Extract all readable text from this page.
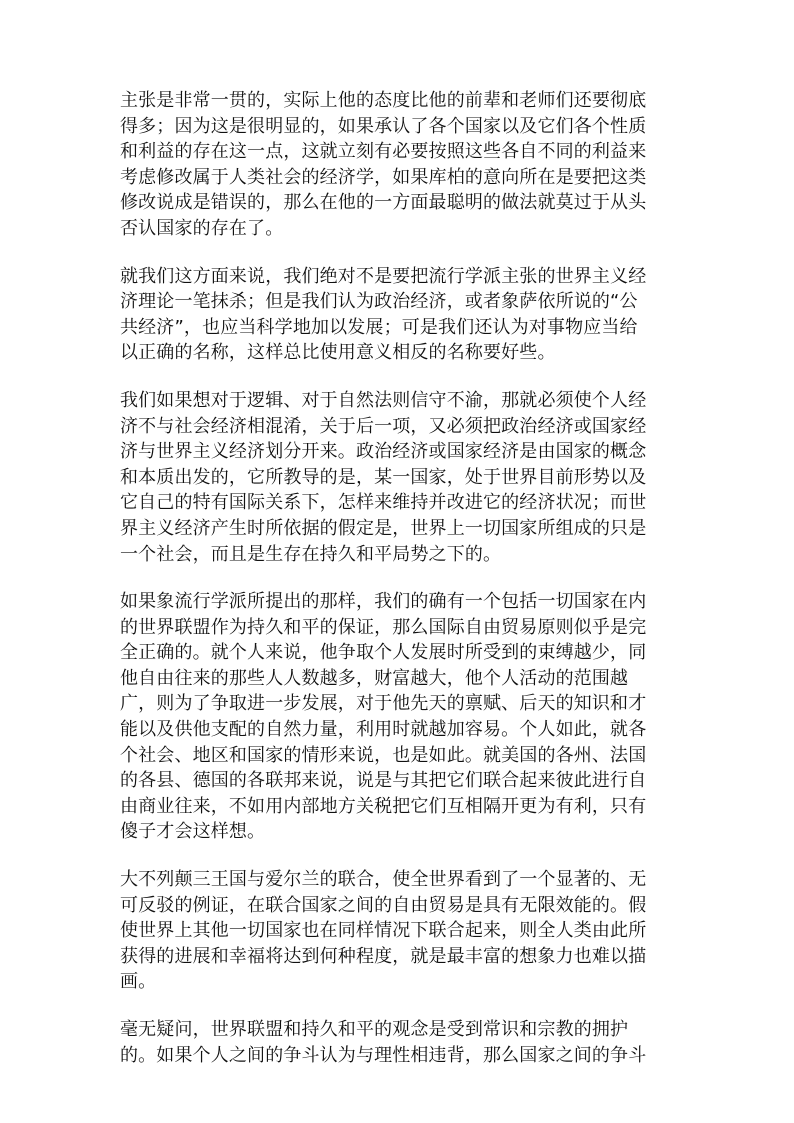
主张是非常一贯的，实际上他的态度比他的前辈和老师们还要彻底
得多；因为这是很明显的，如果承认了各个国家以及它们各个性质
和利益的存在这一点，这就立刻有必要按照这些各自不同的利益来
考虑修改属于人类社会的经济学，如果库柏的意向所在是要把这类
修改说成是错误的，那么在他的一方面最聪明的做法就莫过于从头
否认国家的存在了。

就我们这方面来说，我们绝对不是要把流行学派主张的世界主义经
济理论一笔抹杀；但是我们认为政治经济，或者象萨依所说的“公
共经济”，也应当科学地加以发展；可是我们还认为对事物应当给
以正确的名称，这样总比使用意义相反的名称要好些。

我们如果想对于逻辑、对于自然法则信守不渝，那就必须使个人经
济不与社会经济相混淆，关于后一项，又必须把政治经济或国家经
济与世界主义经济划分开来。政治经济或国家经济是由国家的概念
和本质出发的，它所教导的是，某一国家，处于世界目前形势以及
它自己的特有国际关系下，怎样来维持并改进它的经济状况；而世
界主义经济产生时所依据的假定是，世界上一切国家所组成的只是
一个社会，而且是生存在持久和平局势之下的。

如果象流行学派所提出的那样，我们的确有一个包括一切国家在内
的世界联盟作为持久和平的保证，那么国际自由贸易原则似乎是完
全正确的。就个人来说，他争取个人发展时所受到的束缚越少，同
他自由往来的那些人人数越多，财富越大，他个人活动的范围越
广，则为了争取进一步发展，对于他先天的禀赋、后天的知识和才
能以及供他支配的自然力量，利用时就越加容易。个人如此，就各
个社会、地区和国家的情形来说，也是如此。就美国的各州、法国
的各县、德国的各联邦来说，说是与其把它们联合起来彼此进行自
由商业往来，不如用内部地方关税把它们互相隔开更为有利，只有
傻子才会这样想。

大不列颠三王国与爱尔兰的联合，使全世界看到了一个显著的、无
可反驳的例证，在联合国家之间的自由贸易是具有无限效能的。假
使世界上其他一切国家也在同样情况下联合起来，则全人类由此所
获得的进展和幸福将达到何种程度，就是最丰富的想象力也难以描
画。

毫无疑问，世界联盟和持久和平的观念是受到常识和宗教的拥护
的。如果个人之间的争斗认为与理性相违背，那么国家之间的争斗
